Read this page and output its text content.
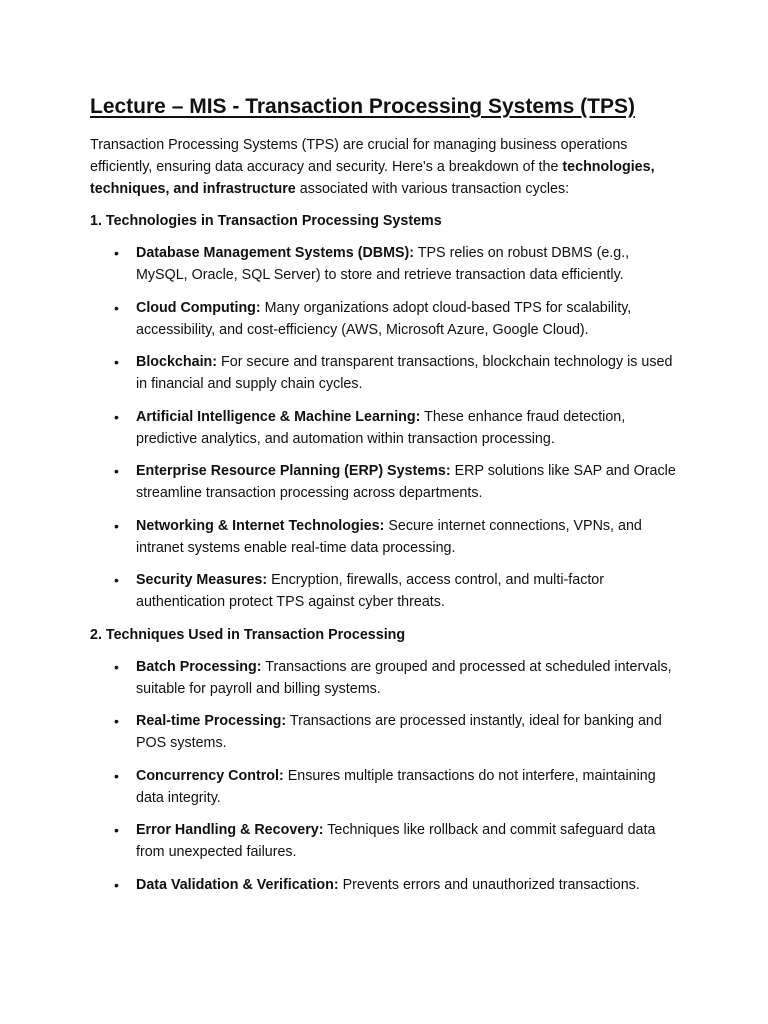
Lecture – MIS - Transaction Processing Systems (TPS)

Transaction Processing Systems (TPS) are crucial for managing business operations efficiently, ensuring data accuracy and security. Here's a breakdown of the technologies, techniques, and infrastructure associated with various transaction cycles:

1. Technologies in Transaction Processing Systems

• Database Management Systems (DBMS): TPS relies on robust DBMS (e.g., MySQL, Oracle, SQL Server) to store and retrieve transaction data efficiently.
• Cloud Computing: Many organizations adopt cloud-based TPS for scalability, accessibility, and cost-efficiency (AWS, Microsoft Azure, Google Cloud).
• Blockchain: For secure and transparent transactions, blockchain technology is used in financial and supply chain cycles.
• Artificial Intelligence & Machine Learning: These enhance fraud detection, predictive analytics, and automation within transaction processing.
• Enterprise Resource Planning (ERP) Systems: ERP solutions like SAP and Oracle streamline transaction processing across departments.
• Networking & Internet Technologies: Secure internet connections, VPNs, and intranet systems enable real-time data processing.
• Security Measures: Encryption, firewalls, access control, and multi-factor authentication protect TPS against cyber threats.

2. Techniques Used in Transaction Processing

• Batch Processing: Transactions are grouped and processed at scheduled intervals, suitable for payroll and billing systems.
• Real-time Processing: Transactions are processed instantly, ideal for banking and POS systems.
• Concurrency Control: Ensures multiple transactions do not interfere, maintaining data integrity.
• Error Handling & Recovery: Techniques like rollback and commit safeguard data from unexpected failures.
• Data Validation & Verification: Prevents errors and unauthorized transactions.
